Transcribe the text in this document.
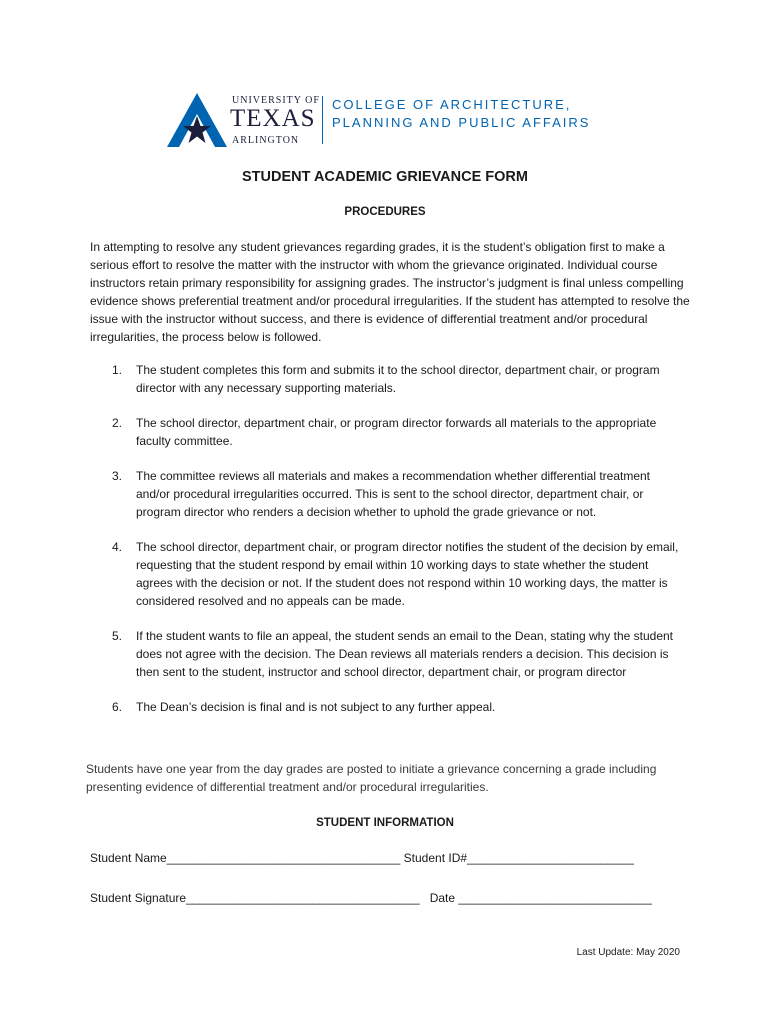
UNIVERSITY OF
TEXAS
ARLINGTON
COLLEGE OF ARCHITECTURE,
PLANNING AND PUBLIC AFFAIRS
STUDENT ACADEMIC GRIEVANCE FORM
PROCEDURES

In attempting to resolve any student grievances regarding grades, it is the student’s obligation first to make a serious effort to resolve the matter with the instructor with whom the grievance originated. Individual course instructors retain primary responsibility for assigning grades. The instructor’s judgment is final unless compelling evidence shows preferential treatment and/or procedural irregularities. If the student has attempted to resolve the issue with the instructor without success, and there is evidence of differential treatment and/or procedural irregularities, the process below is followed.

1. The student completes this form and submits it to the school director, department chair, or program director with any necessary supporting materials.
2. The school director, department chair, or program director forwards all materials to the appropriate faculty committee.
3. The committee reviews all materials and makes a recommendation whether differential treatment and/or procedural irregularities occurred. This is sent to the school director, department chair, or program director who renders a decision whether to uphold the grade grievance or not.
4. The school director, department chair, or program director notifies the student of the decision by email, requesting that the student respond by email within 10 working days to state whether the student agrees with the decision or not. If the student does not respond within 10 working days, the matter is considered resolved and no appeals can be made.
5. If the student wants to file an appeal, the student sends an email to the Dean, stating why the student does not agree with the decision. The Dean reviews all materials renders a decision. This decision is then sent to the student, instructor and school director, department chair, or program director
6. The Dean’s decision is final and is not subject to any further appeal.

Students have one year from the day grades are posted to initiate a grievance concerning a grade including presenting evidence of differential treatment and/or procedural irregularities.

STUDENT INFORMATION
Student Name___________________________________ Student ID#_________________________
Student Signature___________________________________ Date _____________________________
Last Update: May 2020
